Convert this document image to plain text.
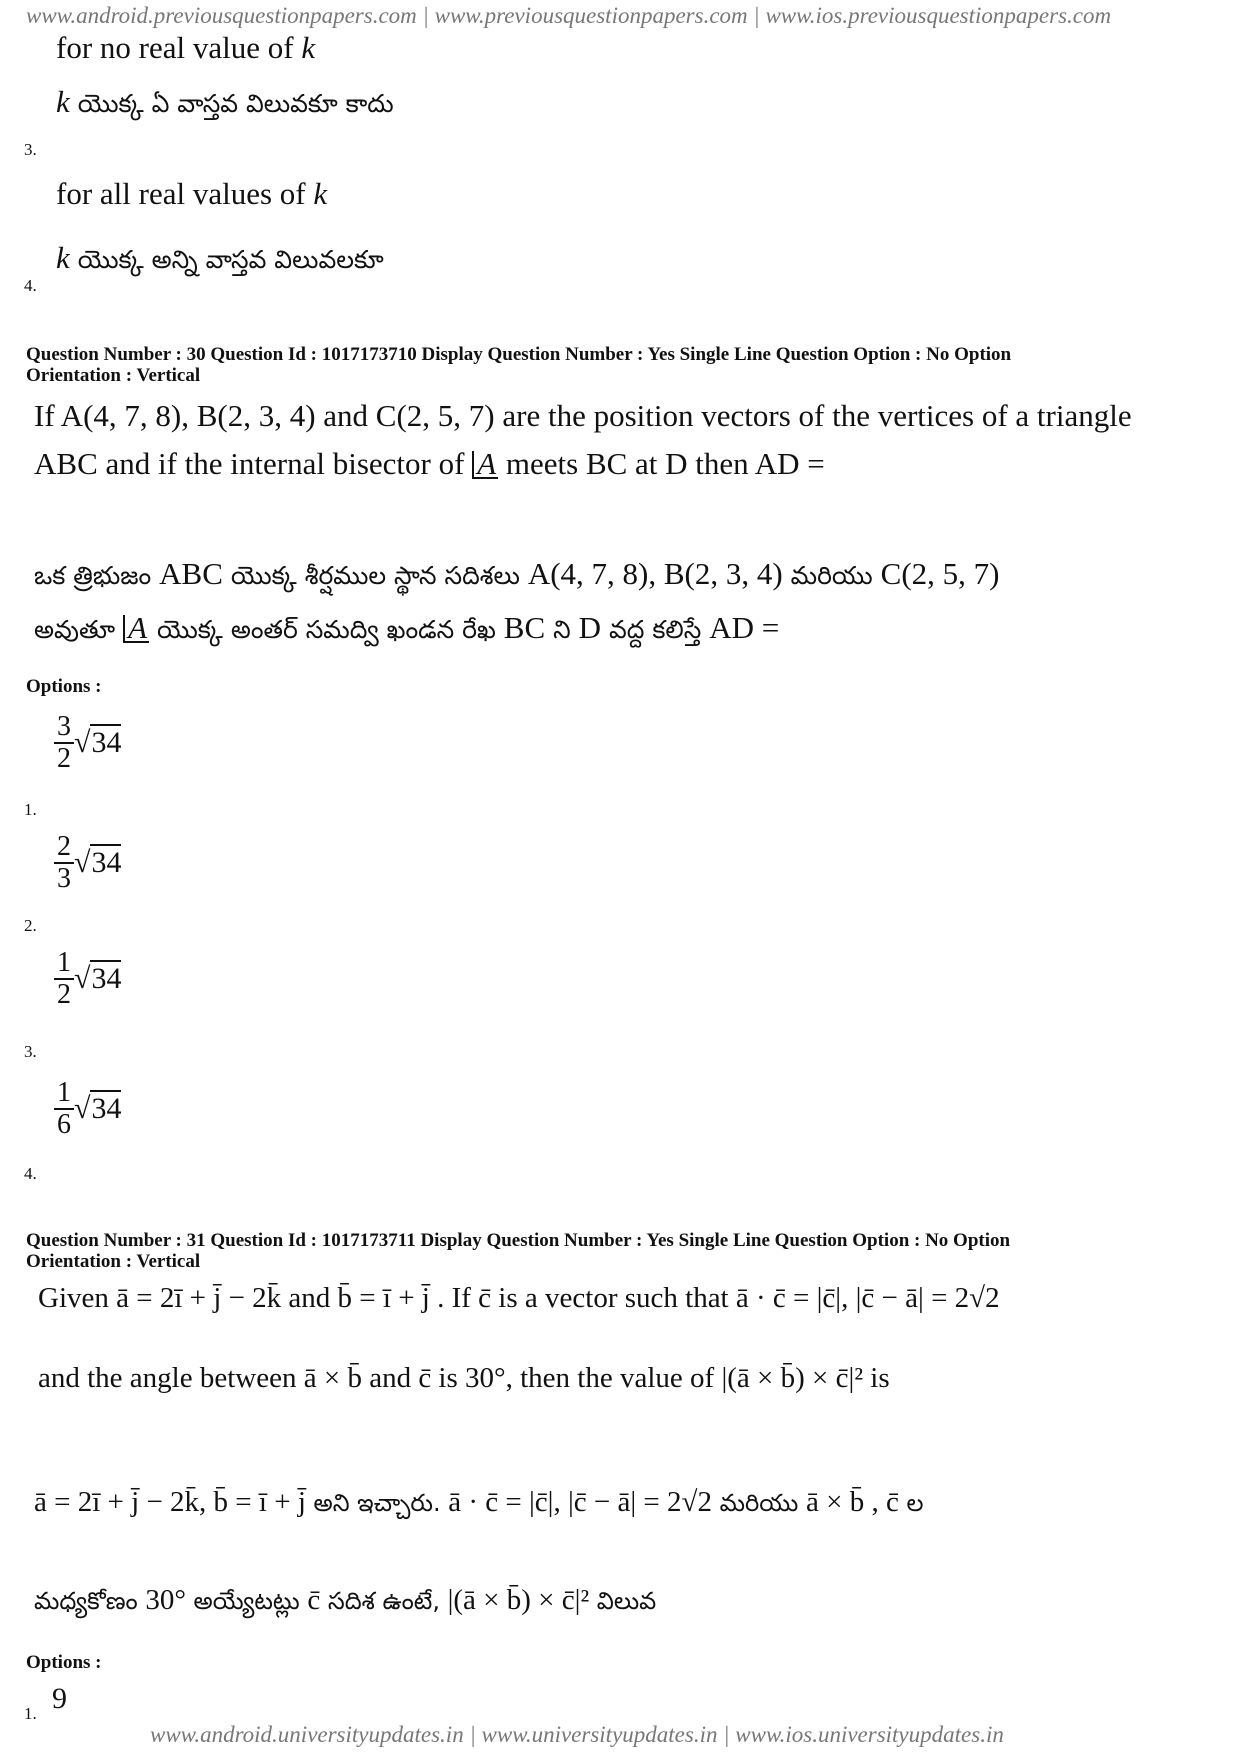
www.android.previousquestionpapers.com | www.previousquestionpapers.com | www.ios.previousquestionpapers.com
for no real value of k
k యొక్క ఏ వాస్తవ విలువకూ కాదు
3.
for all real values of k
k యొక్క అన్ని వాస్తవ విలువలకూ
4.
Question Number : 30 Question Id : 1017173710 Display Question Number : Yes Single Line Question Option : No Option
Orientation : Vertical
If A(4, 7, 8), B(2, 3, 4) and C(2, 5, 7) are the position vectors of the vertices of a triangle
ABC and if the internal bisector of A meets BC at D then AD =
ఒక త్రిభుజం ABC యొక్క శీర్షముల స్థాన సదిశలు A(4, 7, 8), B(2, 3, 4) మరియు C(2, 5, 7)
అవుతూ A యొక్క అంతర్ సమద్వి ఖండన రేఖ BC ని D వద్ద కలిస్తే AD =
Options :
$\frac{3}{2} √34$
1.
$\frac{2}{3} √34$
2.
$\frac{1}{2} √34$
3.
$\frac{1}{6} √34$
4.
Question Number : 31 Question Id : 1017173711 Display Question Number : Yes Single Line Question Option : No Option
Orientation : Vertical
Given ā = 2ī + j̄ − 2k̄ and b̄ = ī + j̄ . If c̄ is a vector such that ā · c̄ = |c̄|, |c̄ − ā| = 2√2
and the angle between ā × b̄ and c̄ is 30°, then the value of |(ā × b̄) × c̄|² is
ā = 2ī + j̄ − 2k̄, b̄ = ī + j̄ అని ఇచ్చారు. ā · c̄ = |c̄|, |c̄ − ā| = 2√2 మరియు ā × b̄ , c̄ ల
మధ్యకోణం 30° అయ్యేటట్లు c̄ సదిశ ఉంటే, |(ā × b̄) × c̄|² విలువ
Options :
1. 9
www.android.universityupdates.in | www.universityupdates.in | www.ios.universityupdates.in
